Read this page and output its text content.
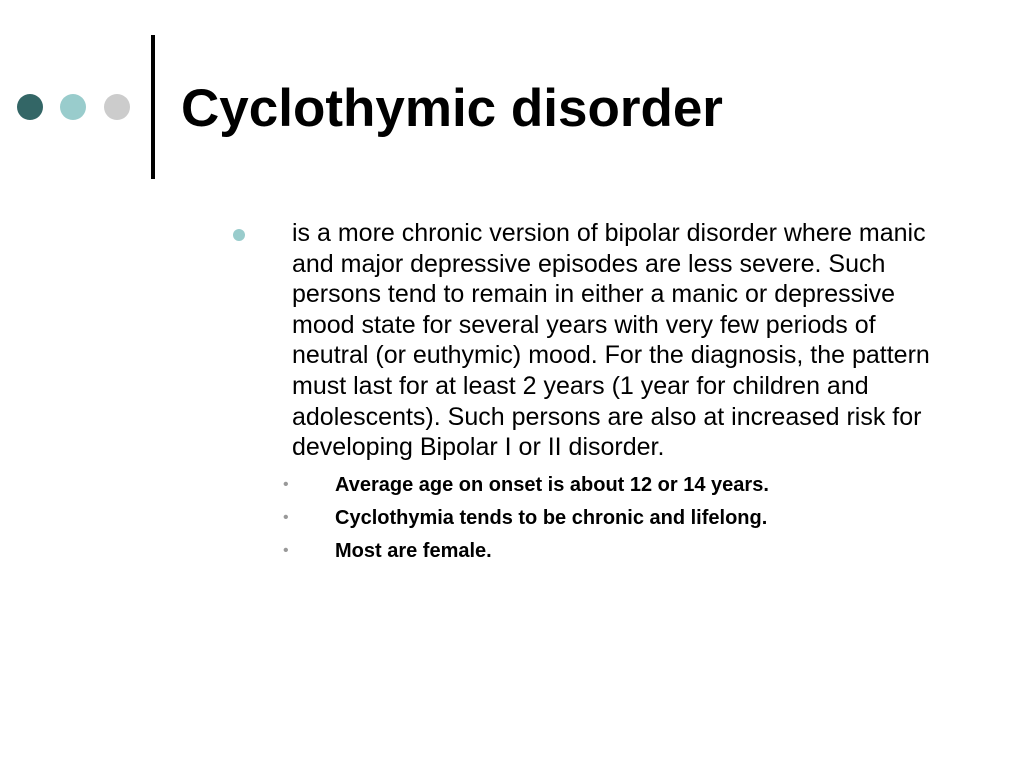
Cyclothymic disorder
is a more chronic version of bipolar disorder where manic and major depressive episodes are less severe. Such persons tend to remain in either a manic or depressive mood state for several years with very few periods of neutral (or euthymic) mood. For the diagnosis, the pattern must last for at least 2 years (1 year for children and adolescents). Such persons are also at increased risk for developing Bipolar I or II disorder.
• Average age on onset is about 12 or 14 years.
• Cyclothymia tends to be chronic and lifelong.
• Most are female.
